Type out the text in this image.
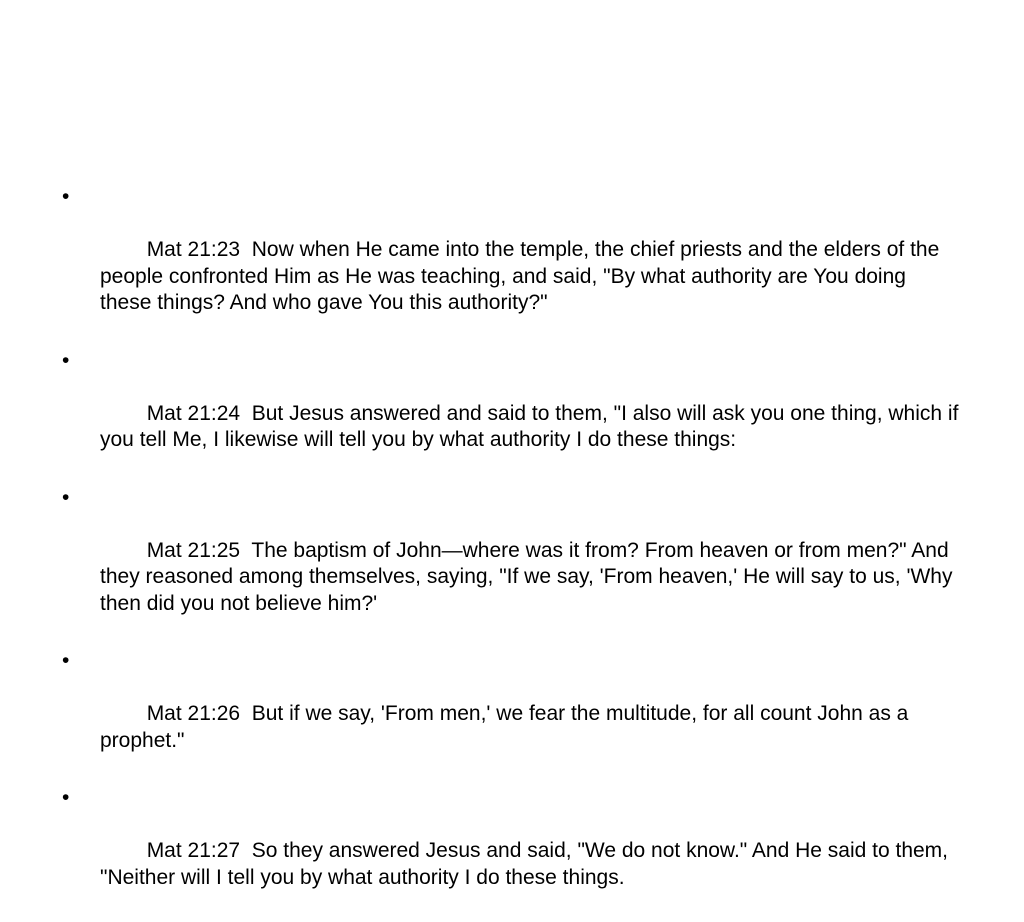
•

Mat 21:23  Now when He came into the temple, the chief priests and the elders of the people confronted Him as He was teaching, and said, "By what authority are You doing these things? And who gave You this authority?"

•

Mat 21:24  But Jesus answered and said to them, "I also will ask you one thing, which if you tell Me, I likewise will tell you by what authority I do these things:

•

Mat 21:25  The baptism of John—where was it from? From heaven or from men?" And they reasoned among themselves, saying, "If we say, 'From heaven,' He will say to us, 'Why then did you not believe him?'

•

Mat 21:26  But if we say, 'From men,' we fear the multitude, for all count John as a prophet."

•

Mat 21:27  So they answered Jesus and said, "We do not know." And He said to them, "Neither will I tell you by what authority I do these things.
